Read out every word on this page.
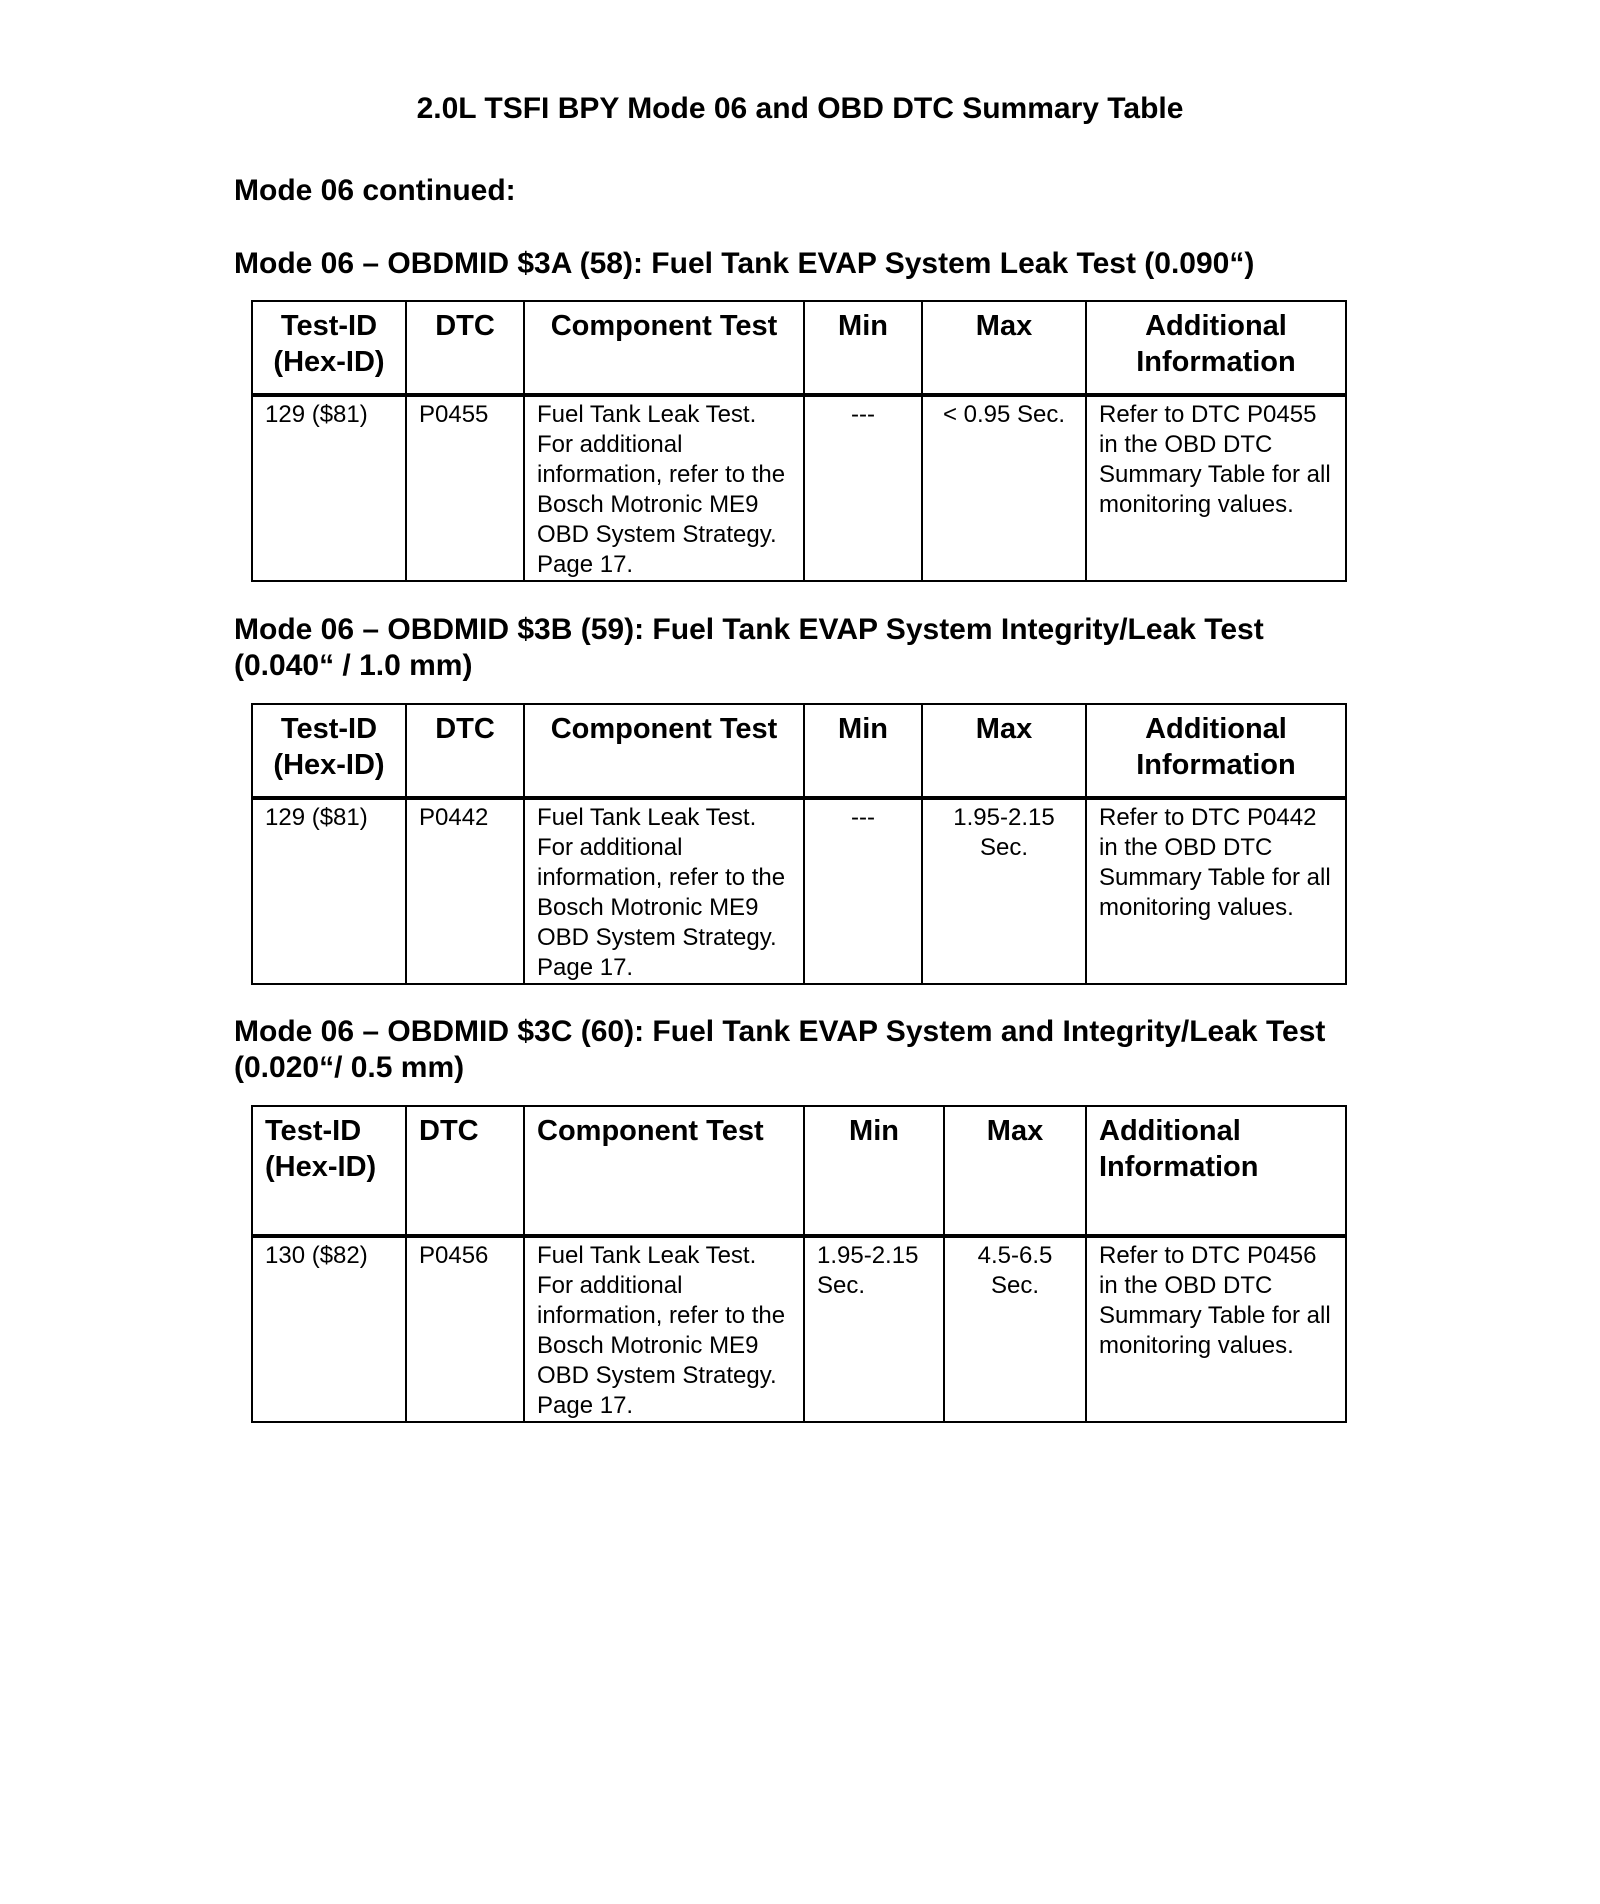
2.0L TSFI BPY Mode 06 and OBD DTC Summary Table
Mode 06 continued:
Mode 06 – OBDMID $3A (58): Fuel Tank EVAP System Leak Test (0.090“)
Test-ID (Hex-ID)	DTC	Component Test	Min	Max	Additional Information
129 ($81)	P0455	Fuel Tank Leak Test. For additional information, refer to the Bosch Motronic ME9 OBD System Strategy. Page 17.	---	< 0.95 Sec.	Refer to DTC P0455 in the OBD DTC Summary Table for all monitoring values.
Mode 06 – OBDMID $3B (59): Fuel Tank EVAP System Integrity/Leak Test (0.040“ / 1.0 mm)
Test-ID (Hex-ID)	DTC	Component Test	Min	Max	Additional Information
129 ($81)	P0442	Fuel Tank Leak Test. For additional information, refer to the Bosch Motronic ME9 OBD System Strategy. Page 17.	---	1.95-2.15 Sec.	Refer to DTC P0442 in the OBD DTC Summary Table for all monitoring values.
Mode 06 – OBDMID $3C (60): Fuel Tank EVAP System and Integrity/Leak Test (0.020“/ 0.5 mm)
Test-ID (Hex-ID)	DTC	Component Test	Min	Max	Additional Information
130 ($82)	P0456	Fuel Tank Leak Test. For additional information, refer to the Bosch Motronic ME9 OBD System Strategy. Page 17.	1.95-2.15 Sec.	4.5-6.5 Sec.	Refer to DTC P0456 in the OBD DTC Summary Table for all monitoring values.
